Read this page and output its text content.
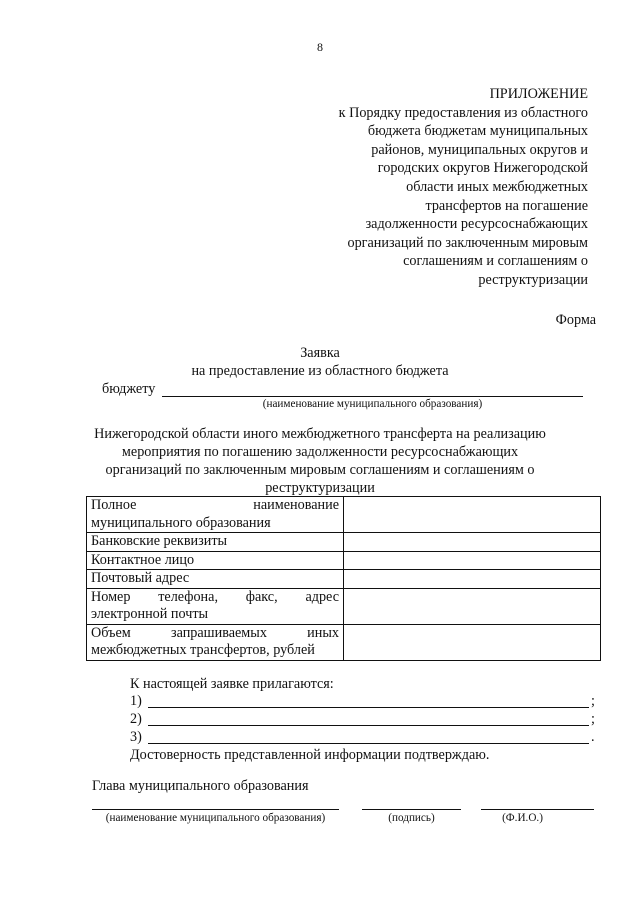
8
ПРИЛОЖЕНИЕ
к Порядку предоставления из областного
бюджета бюджетам муниципальных
районов, муниципальных округов и
городских округов Нижегородской
области иных межбюджетных
трансфертов на погашение
задолженности ресурсоснабжающих
организаций по заключенным мировым
соглашениям и соглашениям о
реструктуризации
Форма
Заявка
на предоставление из областного бюджета
бюджету
(наименование муниципального образования)
Нижегородской области иного межбюджетного трансферта на реализацию
мероприятия по погашению задолженности ресурсоснабжающих
организаций по заключенным мировым соглашениям и соглашениям о
реструктуризации
Полное наименование
муниципального образования	

Банковские реквизиты	

Контактное лицо	

Почтовый адрес	

Номер телефона, факс, адрес
электронной почты	

Объем запрашиваемых иных
межбюджетных трансфертов, рублей	

К настоящей заявке прилагаются:
1)	;
2)	;
3)	.
Достоверность представленной информации подтверждаю.
Глава муниципального образования
(наименование муниципального образования)	(подпись)	(Ф.И.О.)
